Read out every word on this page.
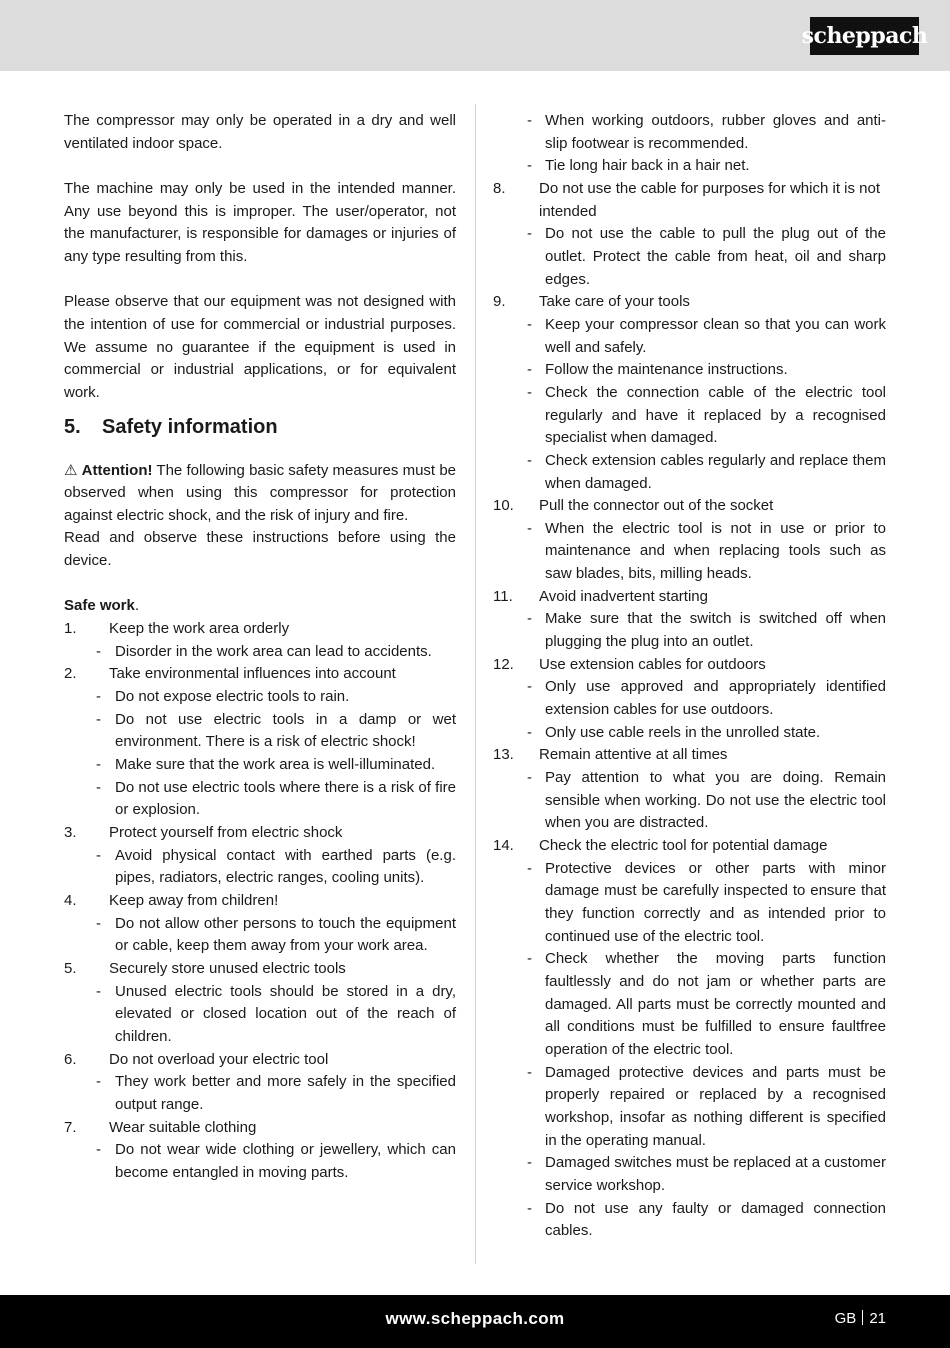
scheppach

The compressor may only be operated in a dry and well ventilated indoor space.

The machine may only be used in the intended manner. Any use beyond this is improper. The user/operator, not the manufacturer, is responsible for damages or injuries of any type resulting from this.

Please observe that our equipment was not designed with the intention of use for commercial or industrial purposes. We assume no guarantee if the equipment is used in commercial or industrial applications, or for equivalent work.

5. Safety information

⚠ Attention! The following basic safety measures must be observed when using this compressor for protection against electric shock, and the risk of injury and fire.

Read and observe these instructions before using the device.

Safe work.

1. Keep the work area orderly
- Disorder in the work area can lead to accidents.
2. Take environmental influences into account
- Do not expose electric tools to rain.
- Do not use electric tools in a damp or wet environment. There is a risk of electric shock!
- Make sure that the work area is well-illuminated.
- Do not use electric tools where there is a risk of fire or explosion.
3. Protect yourself from electric shock
- Avoid physical contact with earthed parts (e.g. pipes, radiators, electric ranges, cooling units).
4. Keep away from children!
- Do not allow other persons to touch the equipment or cable, keep them away from your work area.
5. Securely store unused electric tools
- Unused electric tools should be stored in a dry, elevated or closed location out of the reach of children.
6. Do not overload your electric tool
- They work better and more safely in the specified output range.
7. Wear suitable clothing
- Do not wear wide clothing or jewellery, which can become entangled in moving parts.
- When working outdoors, rubber gloves and anti-slip footwear is recommended.
- Tie long hair back in a hair net.
8. Do not use the cable for purposes for which it is not intended
- Do not use the cable to pull the plug out of the outlet. Protect the cable from heat, oil and sharp edges.
9. Take care of your tools
- Keep your compressor clean so that you can work well and safely.
- Follow the maintenance instructions.
- Check the connection cable of the electric tool regularly and have it replaced by a recognised specialist when damaged.
- Check extension cables regularly and replace them when damaged.
10. Pull the connector out of the socket
- When the electric tool is not in use or prior to maintenance and when replacing tools such as saw blades, bits, milling heads.
11. Avoid inadvertent starting
- Make sure that the switch is switched off when plugging the plug into an outlet.
12. Use extension cables for outdoors
- Only use approved and appropriately identified extension cables for use outdoors.
- Only use cable reels in the unrolled state.
13. Remain attentive at all times
- Pay attention to what you are doing. Remain sensible when working. Do not use the electric tool when you are distracted.
14. Check the electric tool for potential damage
- Protective devices or other parts with minor damage must be carefully inspected to ensure that they function correctly and as intended prior to continued use of the electric tool.
- Check whether the moving parts function faultlessly and do not jam or whether parts are damaged. All parts must be correctly mounted and all conditions must be fulfilled to ensure faultfree operation of the electric tool.
- Damaged protective devices and parts must be properly repaired or replaced by a recognised workshop, insofar as nothing different is specified in the operating manual.
- Damaged switches must be replaced at a customer service workshop.
- Do not use any faulty or damaged connection cables.
www.scheppach.com	GB 21
